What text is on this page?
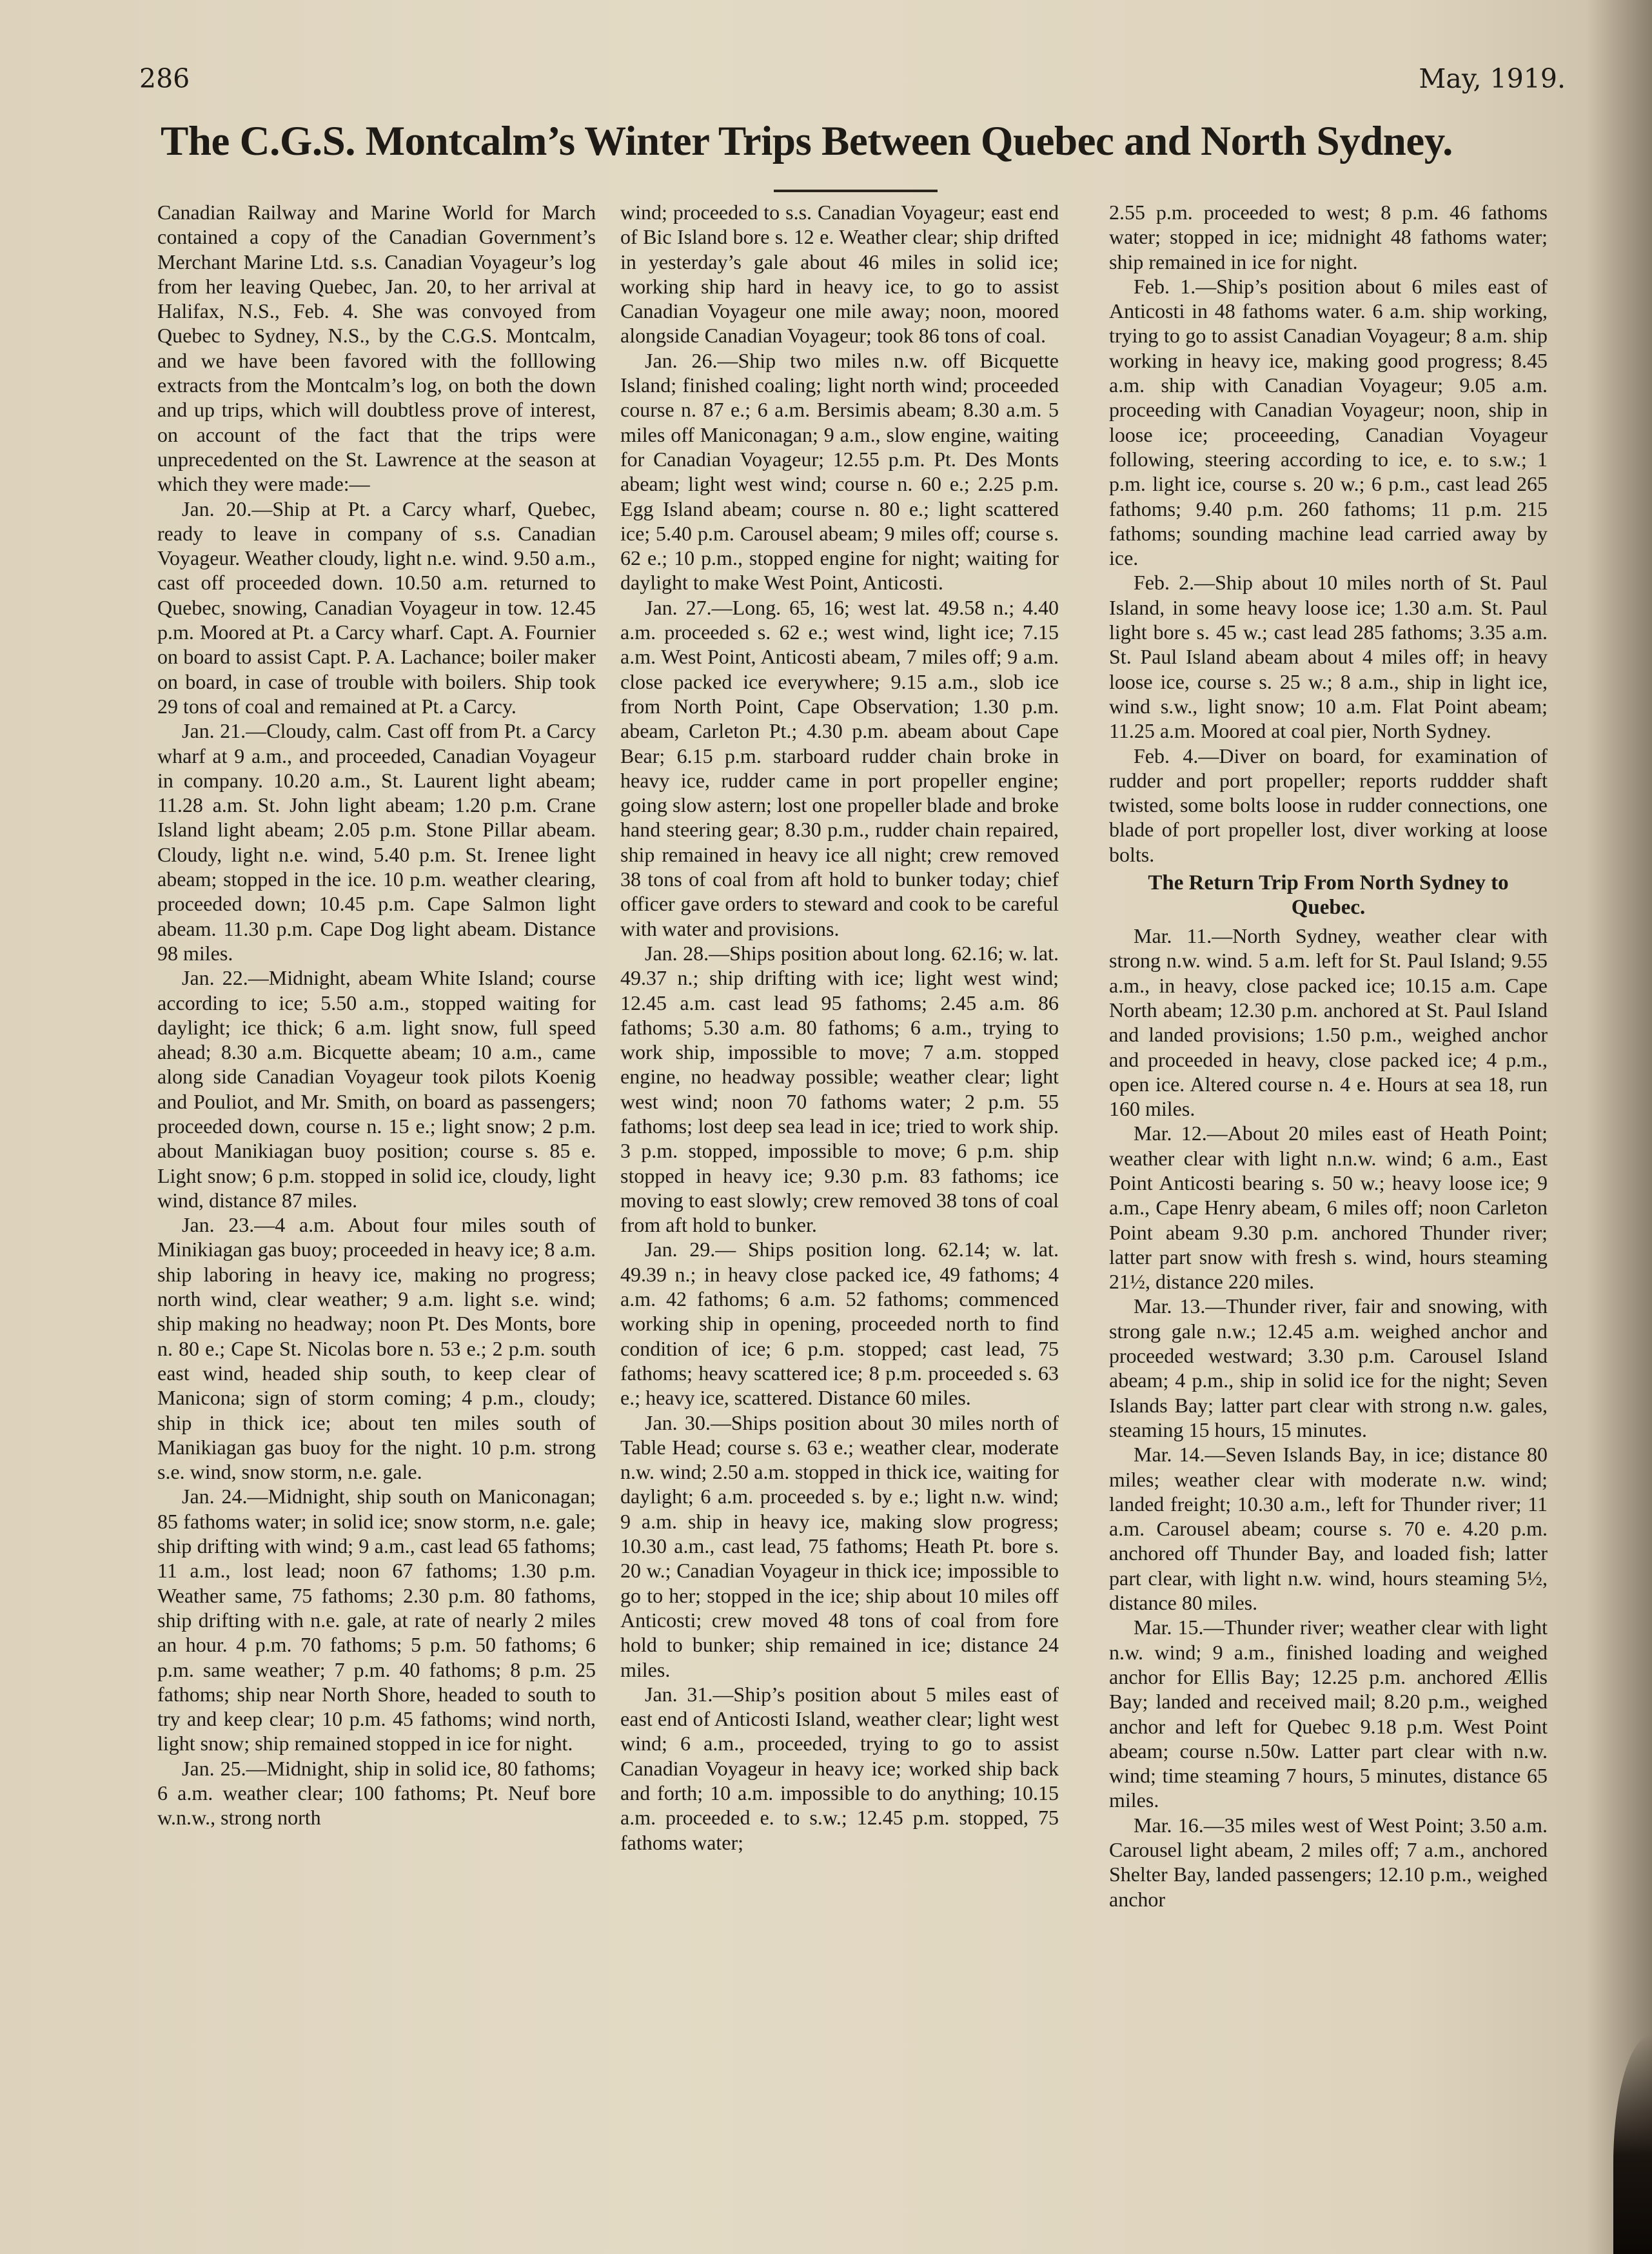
286	May, 1919.
The C.G.S. Montcalm’s Winter Trips Between Quebec and North Sydney.

Canadian Railway and Marine World for March contained a copy of the Canadian Government’s Merchant Marine Ltd. s.s. Canadian Voyageur’s log from her leaving Quebec, Jan. 20, to her arrival at Halifax, N.S., Feb. 4. She was convoyed from Quebec to Sydney, N.S., by the C.G.S. Montcalm, and we have been favored with the folllowing extracts from the Montcalm’s log, on both the down and up trips, which will doubtless prove of interest, on account of the fact that the trips were unprecedented on the St. Lawrence at the season at which they were made:—

Jan. 20.—Ship at Pt. a Carcy wharf, Quebec, ready to leave in company of s.s. Canadian Voyageur. Weather cloudy, light n.e. wind. 9.50 a.m., cast off proceeded down. 10.50 a.m. returned to Quebec, snowing, Canadian Voyageur in tow. 12.45 p.m. Moored at Pt. a Carcy wharf. Capt. A. Fournier on board to assist Capt. P. A. Lachance; boiler maker on board, in case of trouble with boilers. Ship took 29 tons of coal and remained at Pt. a Carcy.

Jan. 21.—Cloudy, calm. Cast off from Pt. a Carcy wharf at 9 a.m., and proceeded, Canadian Voyageur in company. 10.20 a.m., St. Laurent light abeam; 11.28 a.m. St. John light abeam; 1.20 p.m. Crane Island light abeam; 2.05 p.m. Stone Pillar abeam. Cloudy, light n.e. wind, 5.40 p.m. St. Irenee light abeam; stopped in the ice. 10 p.m. weather clearing, proceeded down; 10.45 p.m. Cape Salmon light abeam. 11.30 p.m. Cape Dog light abeam. Distance 98 miles.

Jan. 22.—Midnight, abeam White Island; course according to ice; 5.50 a.m., stopped waiting for daylight; ice thick; 6 a.m. light snow, full speed ahead; 8.30 a.m. Bicquette abeam; 10 a.m., came along side Canadian Voyageur took pilots Koenig and Pouliot, and Mr. Smith, on board as passengers; proceeded down, course n. 15 e.; light snow; 2 p.m. about Manikiagan buoy position; course s. 85 e. Light snow; 6 p.m. stopped in solid ice, cloudy, light wind, distance 87 miles.

Jan. 23.—4 a.m. About four miles south of Minikiagan gas buoy; proceeded in heavy ice; 8 a.m. ship laboring in heavy ice, making no progress; north wind, clear weather; 9 a.m. light s.e. wind; ship making no headway; noon Pt. Des Monts, bore n. 80 e.; Cape St. Nicolas bore n. 53 e.; 2 p.m. south east wind, headed ship south, to keep clear of Manicona; sign of storm coming; 4 p.m., cloudy; ship in thick ice; about ten miles south of Manikiagan gas buoy for the night. 10 p.m. strong s.e. wind, snow storm, n.e. gale.

Jan. 24.—Midnight, ship south on Maniconagan; 85 fathoms water; in solid ice; snow storm, n.e. gale; ship drifting with wind; 9 a.m., cast lead 65 fathoms; 11 a.m., lost lead; noon 67 fathoms; 1.30 p.m. Weather same, 75 fathoms; 2.30 p.m. 80 fathoms, ship drifting with n.e. gale, at rate of nearly 2 miles an hour. 4 p.m. 70 fathoms; 5 p.m. 50 fathoms; 6 p.m. same weather; 7 p.m. 40 fathoms; 8 p.m. 25 fathoms; ship near North Shore, headed to south to try and keep clear; 10 p.m. 45 fathoms; wind north, light snow; ship remained stopped in ice for night.

Jan. 25.—Midnight, ship in solid ice, 80 fathoms; 6 a.m. weather clear; 100 fathoms; Pt. Neuf bore w.n.w., strong north

wind; proceeded to s.s. Canadian Voyageur; east end of Bic Island bore s. 12 e. Weather clear; ship drifted in yesterday’s gale about 46 miles in solid ice; working ship hard in heavy ice, to go to assist Canadian Voyageur one mile away; noon, moored alongside Canadian Voyageur; took 86 tons of coal.

Jan. 26.—Ship two miles n.w. off Bicquette Island; finished coaling; light north wind; proceeded course n. 87 e.; 6 a.m. Bersimis abeam; 8.30 a.m. 5 miles off Maniconagan; 9 a.m., slow engine, waiting for Canadian Voyageur; 12.55 p.m. Pt. Des Monts abeam; light west wind; course n. 60 e.; 2.25 p.m. Egg Island abeam; course n. 80 e.; light scattered ice; 5.40 p.m. Carousel abeam; 9 miles off; course s. 62 e.; 10 p.m., stopped engine for night; waiting for daylight to make West Point, Anticosti.

Jan. 27.—Long. 65, 16; west lat. 49.58 n.; 4.40 a.m. proceeded s. 62 e.; west wind, light ice; 7.15 a.m. West Point, Anticosti abeam, 7 miles off; 9 a.m. close packed ice everywhere; 9.15 a.m., slob ice from North Point, Cape Observation; 1.30 p.m. abeam, Carleton Pt.; 4.30 p.m. abeam about Cape Bear; 6.15 p.m. starboard rudder chain broke in heavy ice, rudder came in port propeller engine; going slow astern; lost one propeller blade and broke hand steering gear; 8.30 p.m., rudder chain repaired, ship remained in heavy ice all night; crew removed 38 tons of coal from aft hold to bunker today; chief officer gave orders to steward and cook to be careful with water and provisions.

Jan. 28.—Ships position about long. 62.16; w. lat. 49.37 n.; ship drifting with ice; light west wind; 12.45 a.m. cast lead 95 fathoms; 2.45 a.m. 86 fathoms; 5.30 a.m. 80 fathoms; 6 a.m., trying to work ship, impossible to move; 7 a.m. stopped engine, no headway possible; weather clear; light west wind; noon 70 fathoms water; 2 p.m. 55 fathoms; lost deep sea lead in ice; tried to work ship. 3 p.m. stopped, impossible to move; 6 p.m. ship stopped in heavy ice; 9.30 p.m. 83 fathoms; ice moving to east slowly; crew removed 38 tons of coal from aft hold to bunker.

Jan. 29.— Ships position long. 62.14; w. lat. 49.39 n.; in heavy close packed ice, 49 fathoms; 4 a.m. 42 fathoms; 6 a.m. 52 fathoms; commenced working ship in opening, proceeded north to find condition of ice; 6 p.m. stopped; cast lead, 75 fathoms; heavy scattered ice; 8 p.m. proceeded s. 63 e.; heavy ice, scattered. Distance 60 miles.

Jan. 30.—Ships position about 30 miles north of Table Head; course s. 63 e.; weather clear, moderate n.w. wind; 2.50 a.m. stopped in thick ice, waiting for daylight; 6 a.m. proceeded s. by e.; light n.w. wind; 9 a.m. ship in heavy ice, making slow progress; 10.30 a.m., cast lead, 75 fathoms; Heath Pt. bore s. 20 w.; Canadian Voyageur in thick ice; impossible to go to her; stopped in the ice; ship about 10 miles off Anticosti; crew moved 48 tons of coal from fore hold to bunker; ship remained in ice; distance 24 miles.

Jan. 31.—Ship’s position about 5 miles east of east end of Anticosti Island, weather clear; light west wind; 6 a.m., proceeded, trying to go to assist Canadian Voyageur in heavy ice; worked ship back and forth; 10 a.m. impossible to do anything; 10.15 a.m. proceeded e. to s.w.; 12.45 p.m. stopped, 75 fathoms water;

2.55 p.m. proceeded to west; 8 p.m. 46 fathoms water; stopped in ice; midnight 48 fathoms water; ship remained in ice for night.

Feb. 1.—Ship’s position about 6 miles east of Anticosti in 48 fathoms water. 6 a.m. ship working, trying to go to assist Canadian Voyageur; 8 a.m. ship working in heavy ice, making good progress; 8.45 a.m. ship with Canadian Voyageur; 9.05 a.m. proceeding with Canadian Voyageur; noon, ship in loose ice; proceeeding, Canadian Voyageur following, steering according to ice, e. to s.w.; 1 p.m. light ice, course s. 20 w.; 6 p.m., cast lead 265 fathoms; 9.40 p.m. 260 fathoms; 11 p.m. 215 fathoms; sounding machine lead carried away by ice.

Feb. 2.—Ship about 10 miles north of St. Paul Island, in some heavy loose ice; 1.30 a.m. St. Paul light bore s. 45 w.; cast lead 285 fathoms; 3.35 a.m. St. Paul Island abeam about 4 miles off; in heavy loose ice, course s. 25 w.; 8 a.m., ship in light ice, wind s.w., light snow; 10 a.m. Flat Point abeam; 11.25 a.m. Moored at coal pier, North Sydney.

Feb. 4.—Diver on board, for examination of rudder and port propeller; reports ruddder shaft twisted, some bolts loose in rudder connections, one blade of port propeller lost, diver working at loose bolts.

The Return Trip From North Sydney to Quebec.

Mar. 11.—North Sydney, weather clear with strong n.w. wind. 5 a.m. left for St. Paul Island; 9.55 a.m., in heavy, close packed ice; 10.15 a.m. Cape North abeam; 12.30 p.m. anchored at St. Paul Island and landed provisions; 1.50 p.m., weighed anchor and proceeded in heavy, close packed ice; 4 p.m., open ice. Altered course n. 4 e. Hours at sea 18, run 160 miles.

Mar. 12.—About 20 miles east of Heath Point; weather clear with light n.n.w. wind; 6 a.m., East Point Anticosti bearing s. 50 w.; heavy loose ice; 9 a.m., Cape Henry abeam, 6 miles off; noon Carleton Point abeam 9.30 p.m. anchored Thunder river; latter part snow with fresh s. wind, hours steaming 21½, distance 220 miles.

Mar. 13.—Thunder river, fair and snowing, with strong gale n.w.; 12.45 a.m. weighed anchor and proceeded westward; 3.30 p.m. Carousel Island abeam; 4 p.m., ship in solid ice for the night; Seven Islands Bay; latter part clear with strong n.w. gales, steaming 15 hours, 15 minutes.

Mar. 14.—Seven Islands Bay, in ice; distance 80 miles; weather clear with moderate n.w. wind; landed freight; 10.30 a.m., left for Thunder river; 11 a.m. Carousel abeam; course s. 70 e. 4.20 p.m. anchored off Thunder Bay, and loaded fish; latter part clear, with light n.w. wind, hours steaming 5½, distance 80 miles.

Mar. 15.—Thunder river; weather clear with light n.w. wind; 9 a.m., finished loading and weighed anchor for Ellis Bay; 12.25 p.m. anchored Ællis Bay; landed and received mail; 8.20 p.m., weighed anchor and left for Quebec 9.18 p.m. West Point abeam; course n.50w. Latter part clear with n.w. wind; time steaming 7 hours, 5 minutes, distance 65 miles.

Mar. 16.—35 miles west of West Point; 3.50 a.m. Carousel light abeam, 2 miles off; 7 a.m., anchored Shelter Bay, landed passengers; 12.10 p.m., weighed anchor
